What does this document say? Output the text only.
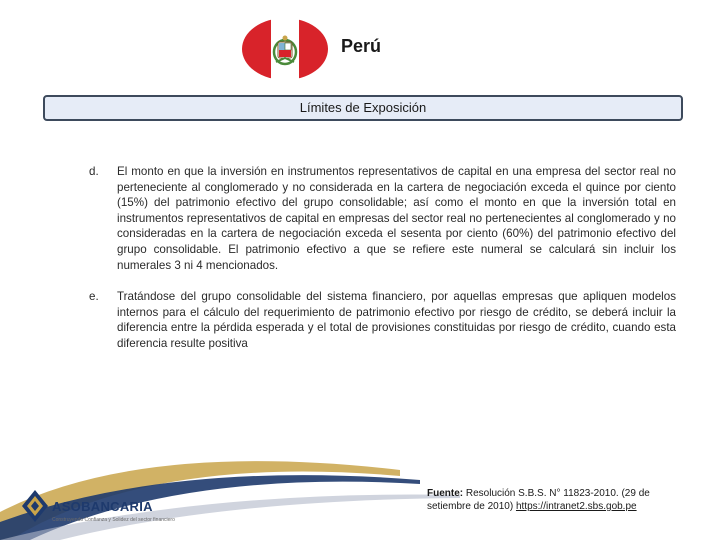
Perú
Límites de Exposición
d. El monto en que la inversión en instrumentos representativos de capital en una empresa del sector real no perteneciente al conglomerado y no considerada en la cartera de negociación exceda el quince por ciento (15%) del patrimonio efectivo del grupo consolidable; así como el monto en que la inversión total en instrumentos representativos de capital en empresas del sector real no pertenecientes al conglomerado y no consideradas en la cartera de negociación exceda el sesenta por ciento (60%) del patrimonio efectivo del grupo consolidable. El patrimonio efectivo a que se refiere este numeral se calculará sin incluir los numerales 3 ni 4 mencionados.
e. Tratándose del grupo consolidable del sistema financiero, por aquellas empresas que apliquen modelos internos para el cálculo del requerimiento de patrimonio efectivo por riesgo de crédito, se deberá incluir la diferencia entre la pérdida esperada y el total de provisiones constituidas por riesgo de crédito, cuando esta diferencia resulte positiva
ASOBANCARIA
Construyendo Confianza y Solidez del sector financiero
Fuente: Resolución S.B.S. N° 11823-2010. (29 de setiembre de 2010) https://intranet2.sbs.gob.pe
